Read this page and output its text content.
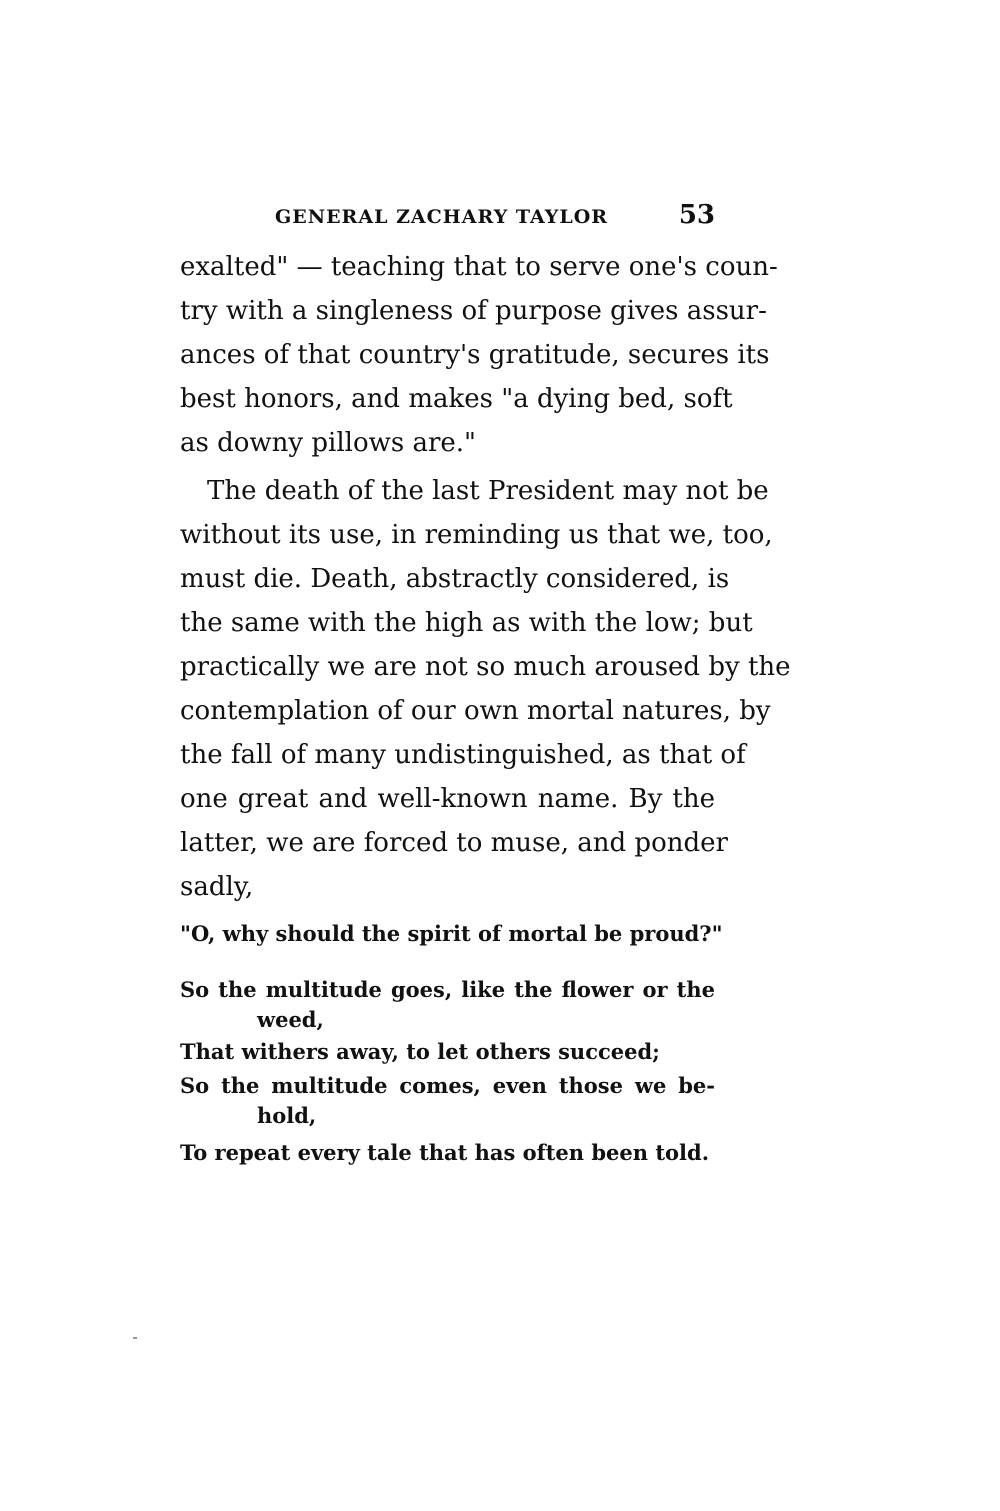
GENERAL ZACHARY TAYLOR	53
exalted" — teaching that to serve one's coun-
try with a singleness of purpose gives assur-
ances of that country's gratitude, secures its
best honors, and makes "a dying bed, soft
as downy pillows are."
The death of the last President may not be
without its use, in reminding us that we, too,
must die. Death, abstractly considered, is
the same with the high as with the low; but
practically we are not so much aroused by the
contemplation of our own mortal natures, by
the fall of many undistinguished, as that of
one great and well-known name. By the
latter, we are forced to muse, and ponder
sadly,
"O, why should the spirit of mortal be proud?"
So the multitude goes, like the flower or the
weed,
That withers away, to let others succeed;
So the multitude comes, even those we be-
hold,
To repeat every tale that has often been told.
